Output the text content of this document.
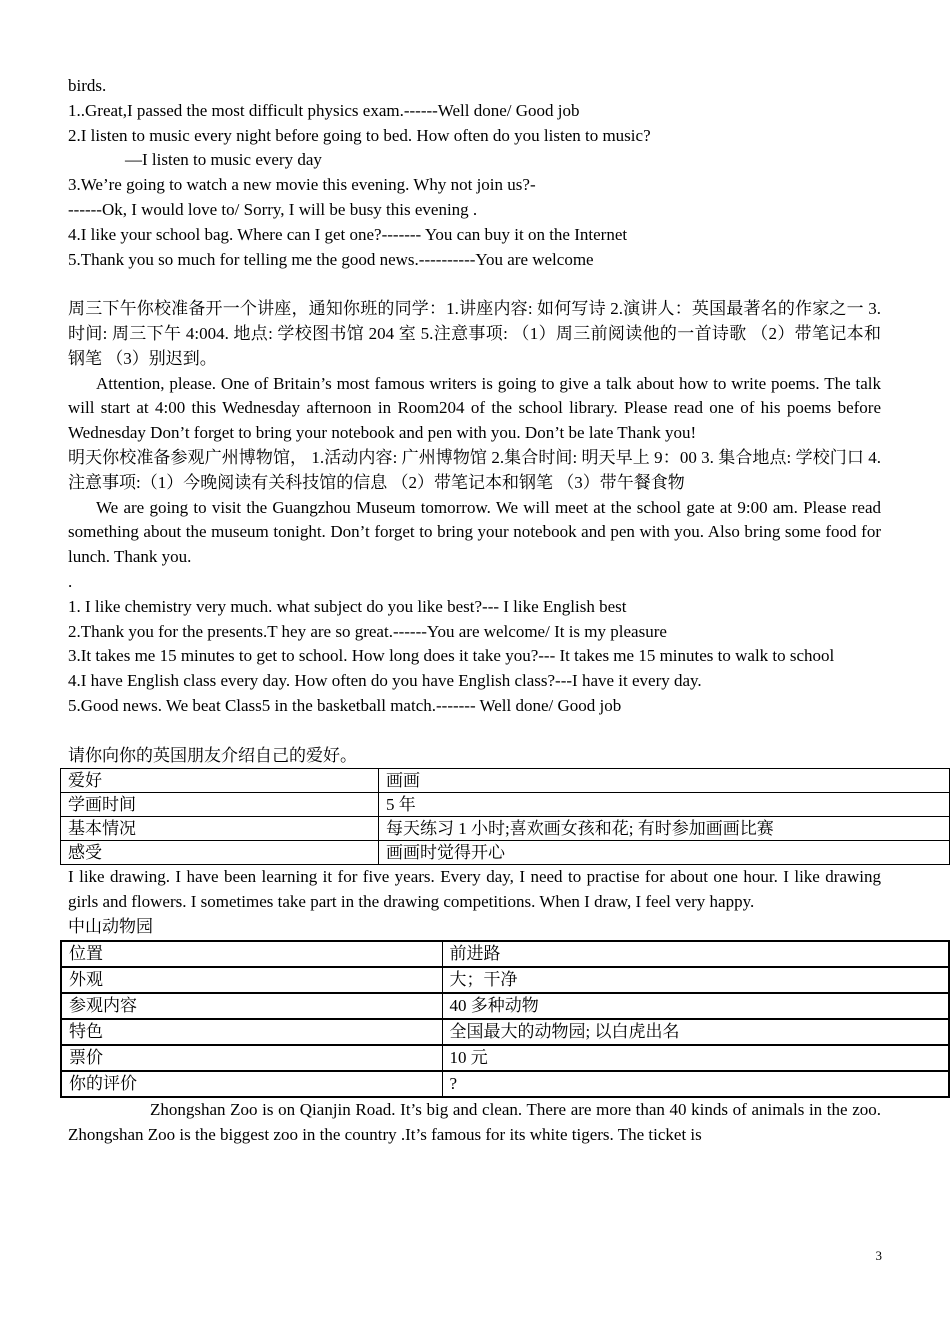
birds.
1..Great,I passed the most difficult physics exam.------Well done/ Good job
2.I listen to music every night before going to bed. How often do you listen to music?
—I listen to music every day
3.We’re going to watch a new movie this evening. Why not join us?-
------Ok, I would love to/ Sorry, I will be busy this evening .
4.I like your school bag. Where can I get one?------- You can buy it on the Internet
5.Thank you so much for telling me the good news.----------You are welcome

周三下午你校准备开一个讲座，通知你班的同学：1.讲座内容: 如何写诗 2.演讲人：英国最著名的作家之一 3. 时间: 周三下午 4:004. 地点: 学校图书馆 204 室 5.注意事项: （1）周三前阅读他的一首诗歌 （2）带笔记本和钢笔 （3）别迟到。

Attention, please. One of Britain’s most famous writers is going to give a talk about how to write poems. The talk will start at 4:00 this Wednesday afternoon in Room204 of the school library. Please read one of his poems before Wednesday Don’t forget to bring your notebook and pen with you. Don’t be late Thank you!

明天你校准备参观广州博物馆， 1.活动内容: 广州博物馆 2.集合时间: 明天早上 9：00 3. 集合地点: 学校门口 4.注意事项:（1）今晚阅读有关科技馆的信息 （2）带笔记本和钢笔 （3）带午餐食物

We are going to visit the Guangzhou Museum tomorrow. We will meet at the school gate at 9:00 am. Please read something about the museum tonight. Don’t forget to bring your notebook and pen with you. Also bring some food for lunch. Thank you.

.
1. I like chemistry very much. what subject do you like best?--- I like English best
2.Thank you for the presents.T hey are so great.------You are welcome/ It is my pleasure

3.It takes me 15 minutes to get to school. How long does it take you?--- It takes me 15 minutes to walk to school

4.I have English class every day. How often do you have English class?---I have it every day.
5.Good news. We beat Class5 in the basketball match.------- Well done/ Good job
请你向你的英国朋友介绍自己的爱好。
爱好	画画
学画时间	5 年
基本情况	每天练习 1 小时;喜欢画女孩和花; 有时参加画画比赛
感受	画画时觉得开心

I like drawing. I have been learning it for five years. Every day, I need to practise for about one hour. I like drawing girls and flowers. I sometimes take part in the drawing competitions. When I draw, I feel very happy.

中山动物园
位置	前进路
外观	大；干净
参观内容	40 多种动物
特色	全国最大的动物园; 以白虎出名
票价	10 元
你的评价	?

Zhongshan Zoo is on Qianjin Road. It’s big and clean. There are more than 40 kinds of animals in the zoo. Zhongshan Zoo is the biggest zoo in the country .It’s famous for its white tigers. The ticket is

3
